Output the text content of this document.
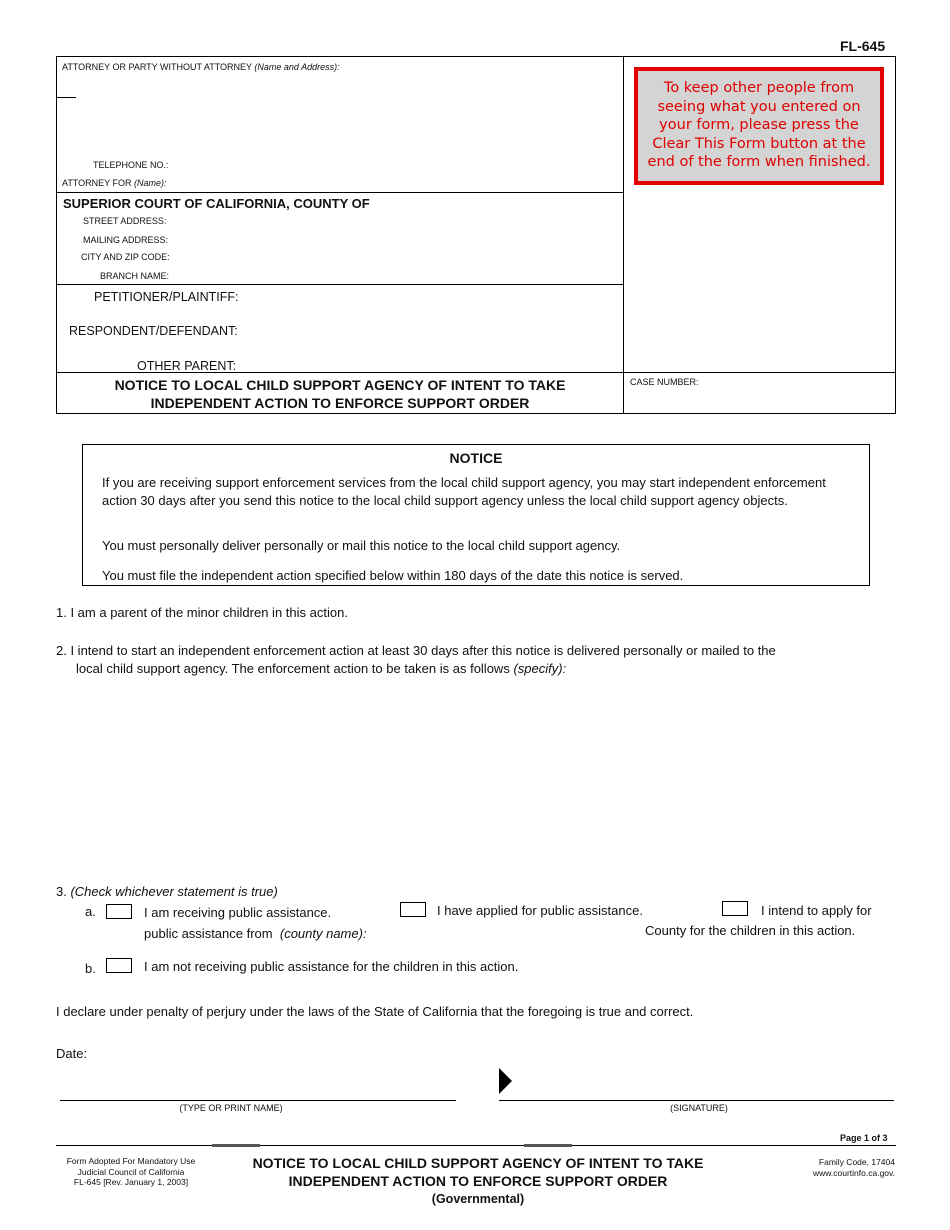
FL-645
ATTORNEY OR PARTY WITHOUT ATTORNEY (Name and Address):
TELEPHONE NO.:
ATTORNEY FOR (Name):
SUPERIOR COURT OF CALIFORNIA, COUNTY OF
STREET ADDRESS:
MAILING ADDRESS:
CITY AND ZIP CODE:
BRANCH NAME:
PETITIONER/PLAINTIFF:
RESPONDENT/DEFENDANT:
OTHER PARENT:
NOTICE TO LOCAL CHILD SUPPORT AGENCY OF INTENT TO TAKE
INDEPENDENT ACTION TO ENFORCE SUPPORT ORDER
CASE NUMBER:
To keep other people from seeing what you entered on your form, please press the Clear This Form button at the end of the form when finished.
NOTICE
If you are receiving support enforcement services from the local child support agency, you may start independent enforcement action 30 days after you send this notice to the local child support agency unless the local child support agency objects.
You must personally deliver personally or mail this notice to the local child support agency.
You must file the independent action specified below within 180 days of the date this notice is served.
1. I am a parent of the minor children in this action.
2. I intend to start an independent enforcement action at least 30 days after this notice is delivered personally or mailed to the
local child support agency. The enforcement action to be taken is as follows (specify):
3. (Check whichever statement is true)
a.	I am receiving public assistance.	I have applied for public assistance.	I intend to apply for
public assistance from (county name):	County for the children in this action.
b.	I am not receiving public assistance for the children in this action.
I declare under penalty of perjury under the laws of the State of California that the foregoing is true and correct.
Date:
(TYPE OR PRINT NAME)	(SIGNATURE)
Page 1 of 3
Form Adopted For Mandatory Use
Judicial Council of California
FL-645 [Rev. January 1, 2003]
NOTICE TO LOCAL CHILD SUPPORT AGENCY OF INTENT TO TAKE
INDEPENDENT ACTION TO ENFORCE SUPPORT ORDER
(Governmental)
Family Code, 17404
www.courtinfo.ca.gov.
